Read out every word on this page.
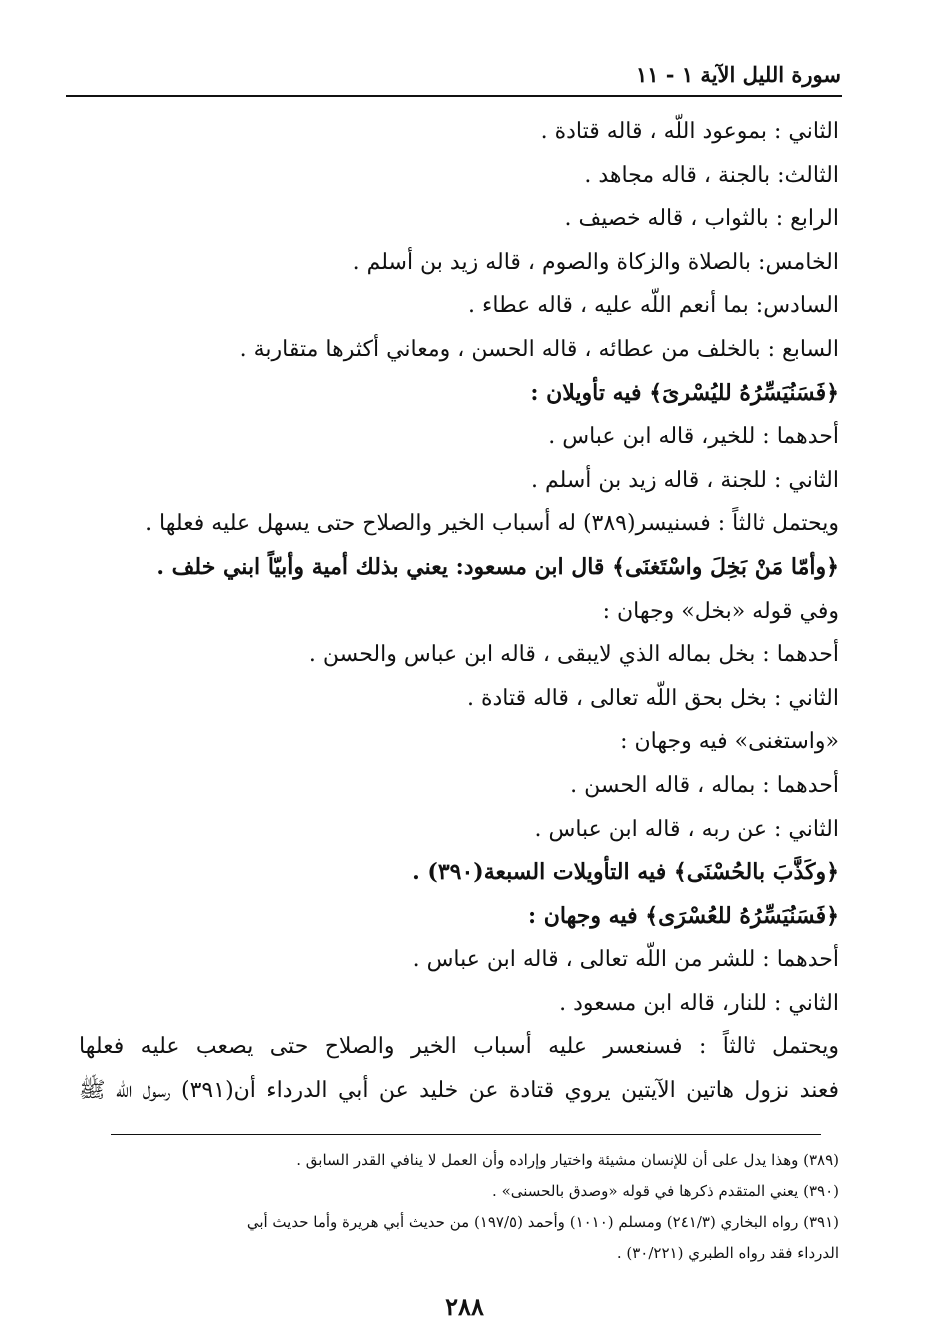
سورة الليل الآية ١ - ١١
الثاني : بموعود اللّه ، قاله قتادة .
الثالث: بالجنة ، قاله مجاهد .
الرابع : بالثواب ، قاله خصيف .
الخامس: بالصلاة والزكاة والصوم ، قاله زيد بن أسلم .
السادس: بما أنعم اللّه عليه ، قاله عطاء .
السابع : بالخلف من عطائه ، قاله الحسن ، ومعاني أكثرها متقاربة .
﴿فَسَنُيَسِّرُهُ لليُسْرىَ﴾ فيه تأويلان :
أحدهما : للخير، قاله ابن عباس .
الثاني : للجنة ، قاله زيد بن أسلم .
ويحتمل ثالثاً : فسنيسر(٣٨٩) له أسباب الخير والصلاح حتى يسهل عليه فعلها .
﴿وأمّا مَنْ بَخِلَ واسْتَغنَى﴾ قال ابن مسعود: يعني بذلك أمية وأبيّاً ابني خلف .
وفي قوله «بخل» وجهان :
أحدهما : بخل بماله الذي لايبقى ، قاله ابن عباس والحسن .
الثاني : بخل بحق اللّه تعالى ، قاله قتادة .
«واستغنى» فيه وجهان :
أحدهما : بماله ، قاله الحسن .
الثاني : عن ربه ، قاله ابن عباس .
﴿وكَذَّبَ بالحُسْنَى﴾ فيه التأويلات السبعة(٣٩٠) .
﴿فَسَنُيَسِّرُهُ للعُسْرَى﴾ فيه وجهان :
أحدهما : للشر من اللّه تعالى ، قاله ابن عباس .
الثاني : للنار، قاله ابن مسعود .
ويحتمل ثالثاً : فسنعسر عليه أسباب الخير والصلاح حتى يصعب عليه فعلها
فعند نزول هاتين الآيتين يروي قتادة عن خليد عن أبي الدرداء أن(٣٩١) رسول اللّه ﷺ
(٣٨٩) وهذا يدل على أن للإنسان مشيئة واختيار وإراده وأن العمل لا ينافي القدر السابق .
(٣٩٠) يعني المتقدم ذكرها في قوله «وصدق بالحسنى» .
(٣٩١) رواه البخاري (٢٤١/٣) ومسلم (١٠١٠) وأحمد (١٩٧/٥) من حديث أبي هريرة وأما حديث أبي
الدرداء فقد رواه الطبري (٣٠/٢٢١) .
٢٨٨
